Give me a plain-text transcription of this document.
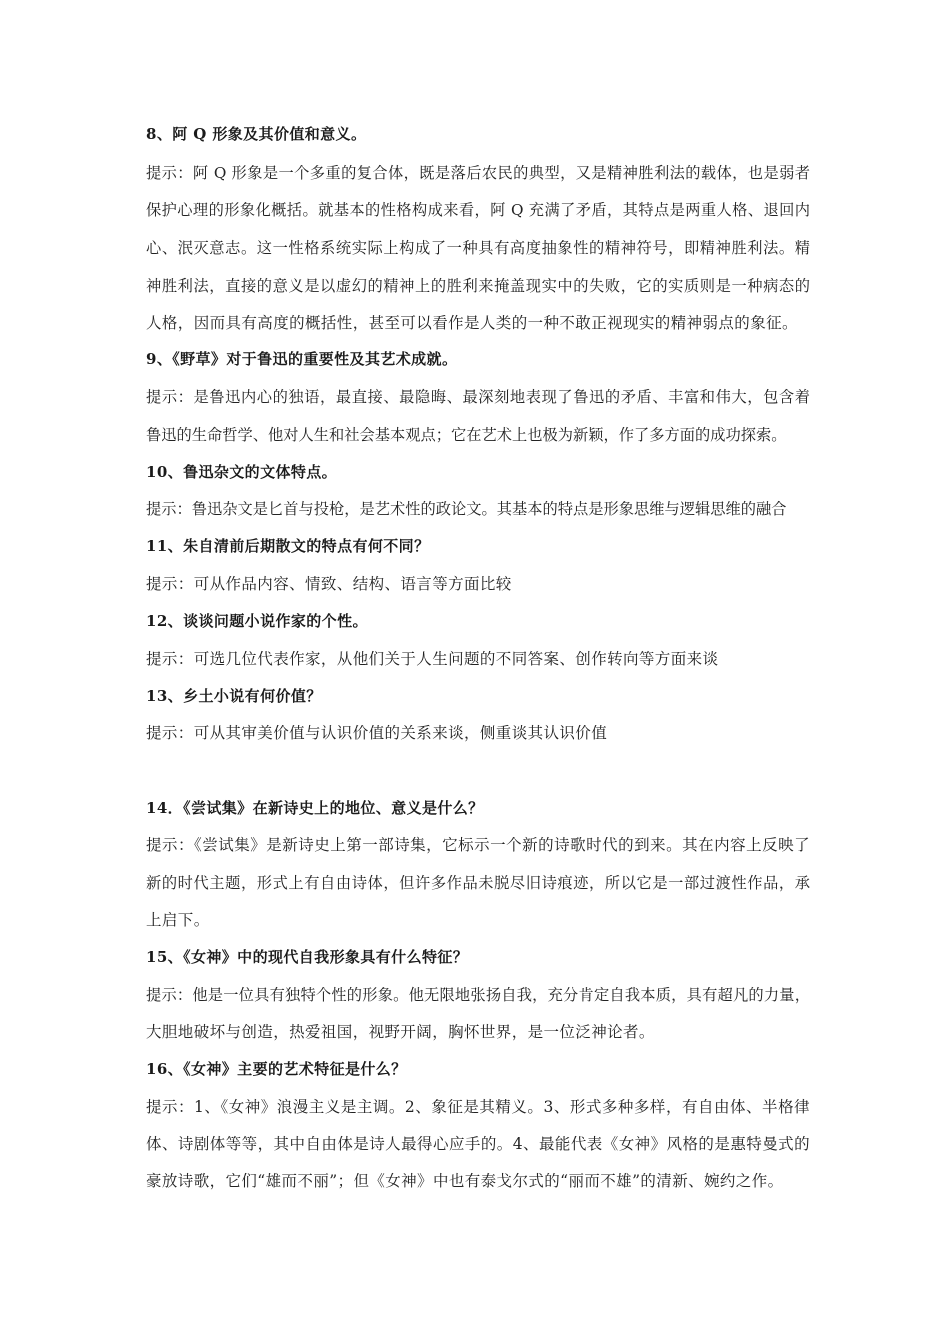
8、阿 Q 形象及其价值和意义。
提示：阿 Q 形象是一个多重的复合体，既是落后农民的典型，又是精神胜利法的载体，也是弱者
保护心理的形象化概括。就基本的性格构成来看，阿 Q 充满了矛盾，其特点是两重人格、退回内
心、泯灭意志。这一性格系统实际上构成了一种具有高度抽象性的精神符号，即精神胜利法。精
神胜利法，直接的意义是以虚幻的精神上的胜利来掩盖现实中的失败，它的实质则是一种病态的
人格，因而具有高度的概括性，甚至可以看作是人类的一种不敢正视现实的精神弱点的象征。
9、《野草》对于鲁迅的重要性及其艺术成就。
提示：是鲁迅内心的独语，最直接、最隐晦、最深刻地表现了鲁迅的矛盾、丰富和伟大，包含着
鲁迅的生命哲学、他对人生和社会基本观点；它在艺术上也极为新颖，作了多方面的成功探索。
10、鲁迅杂文的文体特点。
提示：鲁迅杂文是匕首与投枪，是艺术性的政论文。其基本的特点是形象思维与逻辑思维的融合
11、朱自清前后期散文的特点有何不同？
提示：可从作品内容、情致、结构、语言等方面比较
12、谈谈问题小说作家的个性。
提示：可选几位代表作家，从他们关于人生问题的不同答案、创作转向等方面来谈
13、乡土小说有何价值？
提示：可从其审美价值与认识价值的关系来谈，侧重谈其认识价值
14．《尝试集》在新诗史上的地位、意义是什么？
提示：《尝试集》是新诗史上第一部诗集，它标示一个新的诗歌时代的到来。其在内容上反映了
新的时代主题，形式上有自由诗体，但许多作品未脱尽旧诗痕迹，所以它是一部过渡性作品，承
上启下。
15、《女神》中的现代自我形象具有什么特征？
提示：他是一位具有独特个性的形象。他无限地张扬自我，充分肯定自我本质，具有超凡的力量，
大胆地破坏与创造，热爱祖国，视野开阔，胸怀世界，是一位泛神论者。
16、《女神》主要的艺术特征是什么？
提示：1、《女神》浪漫主义是主调。2、象征是其精义。3、形式多种多样，有自由体、半格律
体、诗剧体等等，其中自由体是诗人最得心应手的。4、最能代表《女神》风格的是惠特曼式的
豪放诗歌，它们“雄而不丽”；但《女神》中也有泰戈尔式的“丽而不雄”的清新、婉约之作。
